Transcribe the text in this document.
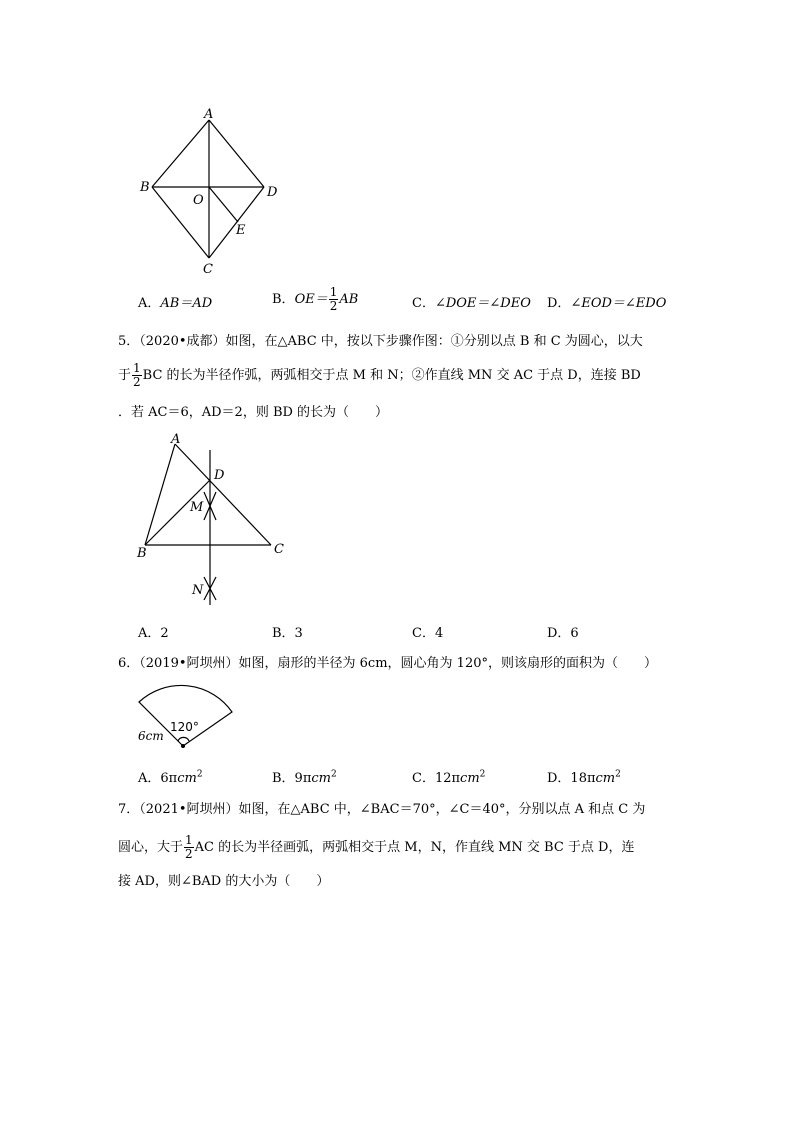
A
B	D
O
E
C
A．AB＝AD	B．$OE= \frac{1}{2}$ AB	C．∠DOE＝∠DEO D．∠EOD＝∠EDO
5．（2020•成都）如图，在△ABC 中，按以下步骤作图：①分别以点 B 和 C 为圆心，以大
于 $\frac{1}{2}$ BC 的长为半径作弧，两弧相交于点 M 和 N；②作直线 MN 交 AC 于点 D，连接 BD
．若 AC＝6，AD＝2，则 BD 的长为（　　）
A
D
M
B	C
N
A．2	B．3	C．4	D．6
6．（2019•阿坝州）如图，扇形的半径为 6cm，圆心角为 120°，则该扇形的面积为（　　）
120°
6cm
A．6πcm$^2$	B．9πcm$^2$	C．12πcm$^2$	D．18πcm$^2$
7．（2021•阿坝州）如图，在△ABC 中，∠BAC＝70°，∠C＝40°，分别以点 A 和点 C 为
圆心，大于 $\frac{1}{2}$ AC 的长为半径画弧，两弧相交于点 M，N，作直线 MN 交 BC 于点 D，连
接 AD，则∠BAD 的大小为（　　）
